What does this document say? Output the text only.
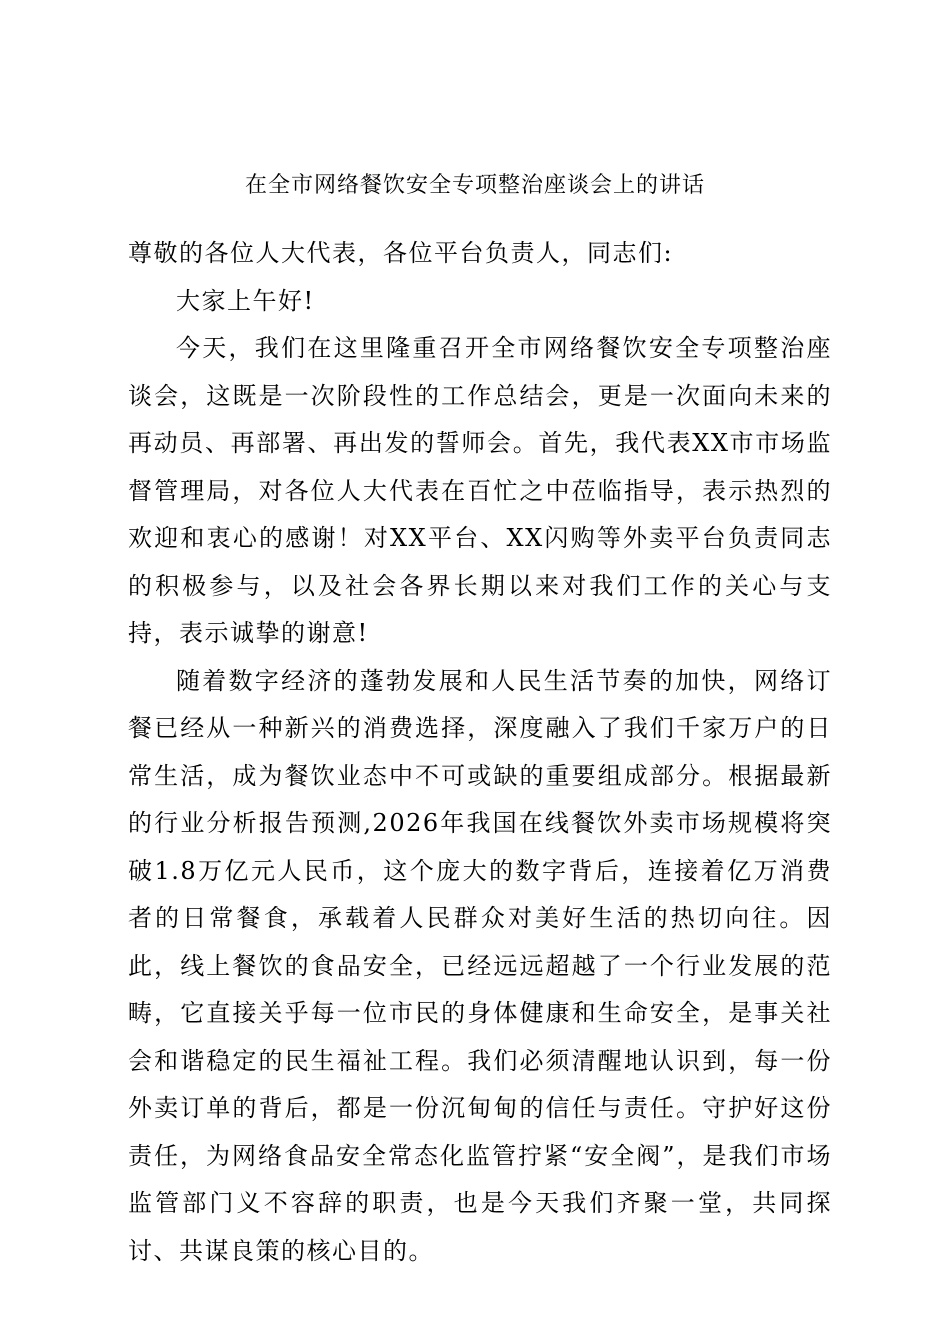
在全市网络餐饮安全专项整治座谈会上的讲话

尊敬的各位人大代表，各位平台负责人，同志们:

大家上午好!

今天，我们在这里隆重召开全市网络餐饮安全专项整治座谈会，这既是一次阶段性的工作总结会，更是一次面向未来的再动员、再部署、再出发的誓师会。首先，我代表XX市市场监督管理局，对各位人大代表在百忙之中莅临指导，表示热烈的欢迎和衷心的感谢！对XX平台、XX闪购等外卖平台负责同志的积极参与，以及社会各界长期以来对我们工作的关心与支持，表示诚挚的谢意!

随着数字经济的蓬勃发展和人民生活节奏的加快，网络订餐已经从一种新兴的消费选择，深度融入了我们千家万户的日常生活，成为餐饮业态中不可或缺的重要组成部分。根据最新的行业分析报告预测,2026年我国在线餐饮外卖市场规模将突破1.8万亿元人民币，这个庞大的数字背后，连接着亿万消费者的日常餐食，承载着人民群众对美好生活的热切向往。因此，线上餐饮的食品安全，已经远远超越了一个行业发展的范畴，它直接关乎每一位市民的身体健康和生命安全，是事关社会和谐稳定的民生福祉工程。我们必须清醒地认识到，每一份外卖订单的背后，都是一份沉甸甸的信任与责任。守护好这份责任，为网络食品安全常态化监管拧紧“安全阀”，是我们市场监管部门义不容辞的职责，也是今天我们齐聚一堂，共同探讨、共谋良策的核心目的。
